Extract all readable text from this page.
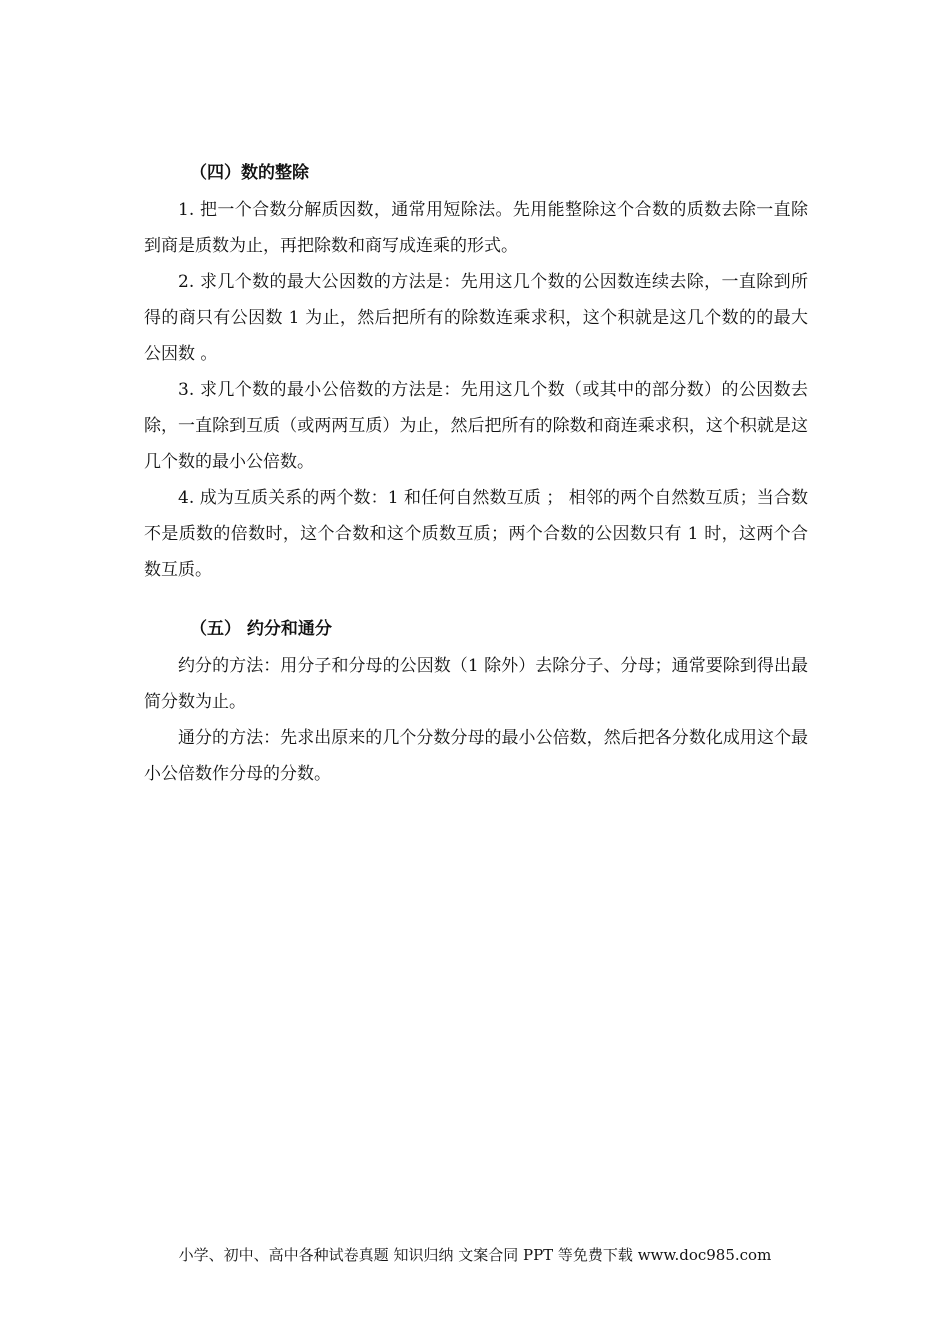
（四）数的整除

1. 把一个合数分解质因数，通常用短除法。先用能整除这个合数的质数去除一直除到商是质数为止，再把除数和商写成连乘的形式。

2. 求几个数的最大公因数的方法是：先用这几个数的公因数连续去除，一直除到所得的商只有公因数 1 为止，然后把所有的除数连乘求积，这个积就是这几个数的的最大公因数 。

3. 求几个数的最小公倍数的方法是：先用这几个数（或其中的部分数）的公因数去除，一直除到互质（或两两互质）为止，然后把所有的除数和商连乘求积，这个积就是这几个数的最小公倍数。

4. 成为互质关系的两个数：1 和任何自然数互质 ； 相邻的两个自然数互质；当合数不是质数的倍数时，这个合数和这个质数互质；两个合数的公因数只有 1 时，这两个合数互质。

（五） 约分和通分

约分的方法：用分子和分母的公因数（1 除外）去除分子、分母；通常要除到得出最简分数为止。

通分的方法：先求出原来的几个分数分母的最小公倍数，然后把各分数化成用这个最小公倍数作分母的分数。

小学、初中、高中各种试卷真题 知识归纳 文案合同 PPT 等免费下载 www.doc985.com
